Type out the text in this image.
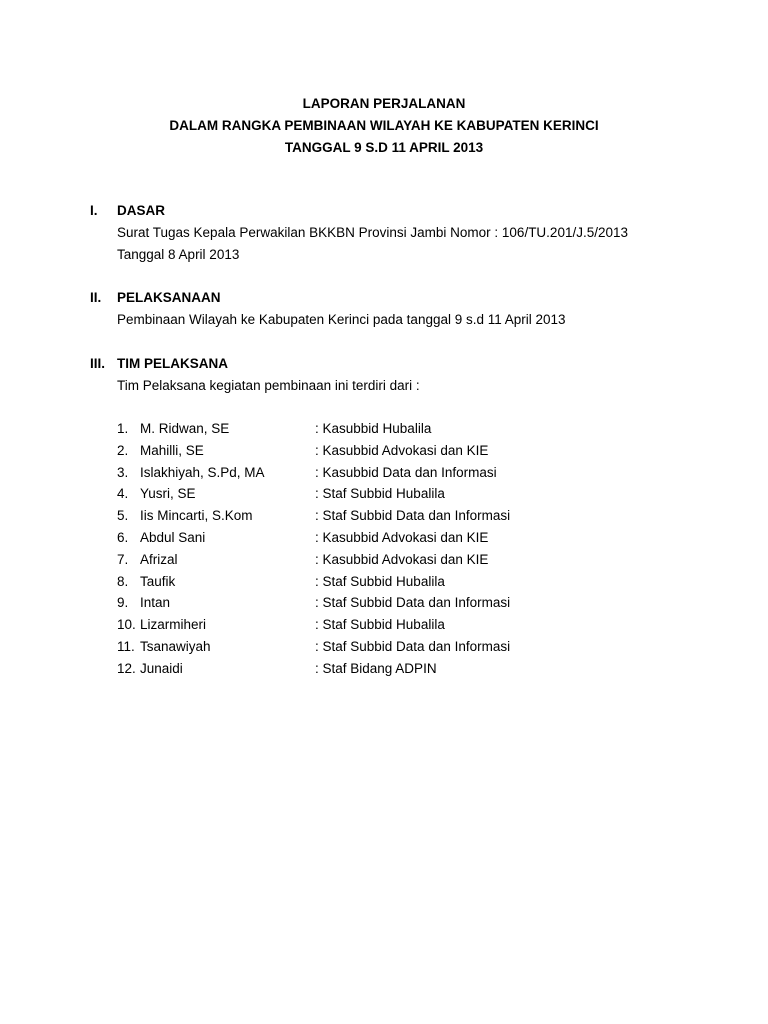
LAPORAN PERJALANAN
DALAM RANGKA PEMBINAAN WILAYAH KE KABUPATEN KERINCI
TANGGAL 9 S.D 11 APRIL 2013
I. DASAR
Surat Tugas Kepala Perwakilan BKKBN Provinsi Jambi Nomor : 106/TU.201/J.5/2013
Tanggal 8 April 2013
II. PELAKSANAAN
Pembinaan Wilayah ke Kabupaten Kerinci pada tanggal 9 s.d 11 April 2013
III. TIM PELAKSANA
Tim Pelaksana kegiatan pembinaan ini terdiri dari :
1. M. Ridwan, SE	: Kasubbid Hubalila
2. Mahilli, SE	: Kasubbid Advokasi dan KIE
3. Islakhiyah, S.Pd, MA	: Kasubbid Data dan Informasi
4. Yusri, SE	: Staf Subbid Hubalila
5. Iis Mincarti, S.Kom	: Staf Subbid Data dan Informasi
6. Abdul Sani	: Kasubbid Advokasi dan KIE
7. Afrizal	: Kasubbid Advokasi dan KIE
8. Taufik	: Staf Subbid Hubalila
9. Intan	: Staf Subbid Data dan Informasi
10. Lizarmiheri	: Staf Subbid Hubalila
11. Tsanawiyah	: Staf Subbid Data dan Informasi
12. Junaidi	: Staf Bidang ADPIN
